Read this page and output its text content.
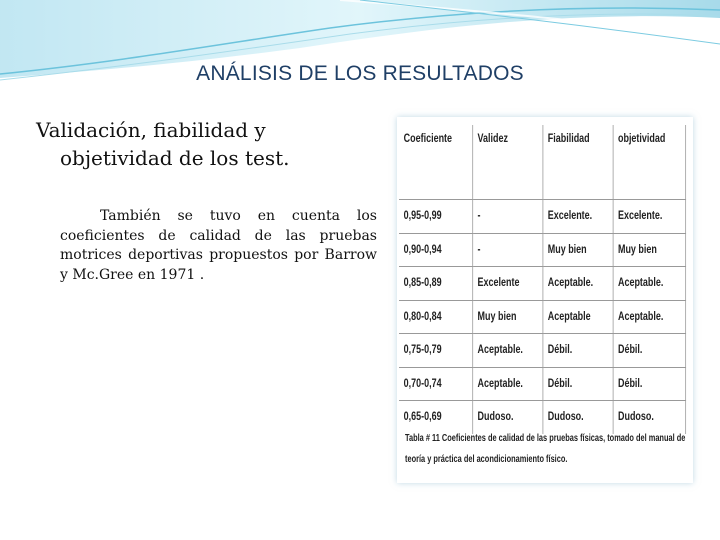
ANÁLISIS DE LOS RESULTADOS
Validación, fiabilidad y
objetividad de los test.

También se tuvo en cuenta los coeficientes de calidad de las pruebas motrices deportivas propuestos por Barrow y Mc.Gree en 1971 .

Coeficiente	Validez	Fiabilidad	objetividad
0,95-0,99	-	Excelente.	Excelente.
0,90-0,94	-	Muy bien	Muy bien
0,85-0,89	Excelente	Aceptable.	Aceptable.
0,80-0,84	Muy bien	Aceptable	Aceptable.
0,75-0,79	Aceptable.	Débil.	Débil.
0,70-0,74	Aceptable.	Débil.	Débil.
0,65-0,69	Dudoso.	Dudoso.	Dudoso.
Tabla # 11 Coeficientes de calidad de las pruebas físicas, tomado del manual de teoría y práctica del acondicionamiento físico.
